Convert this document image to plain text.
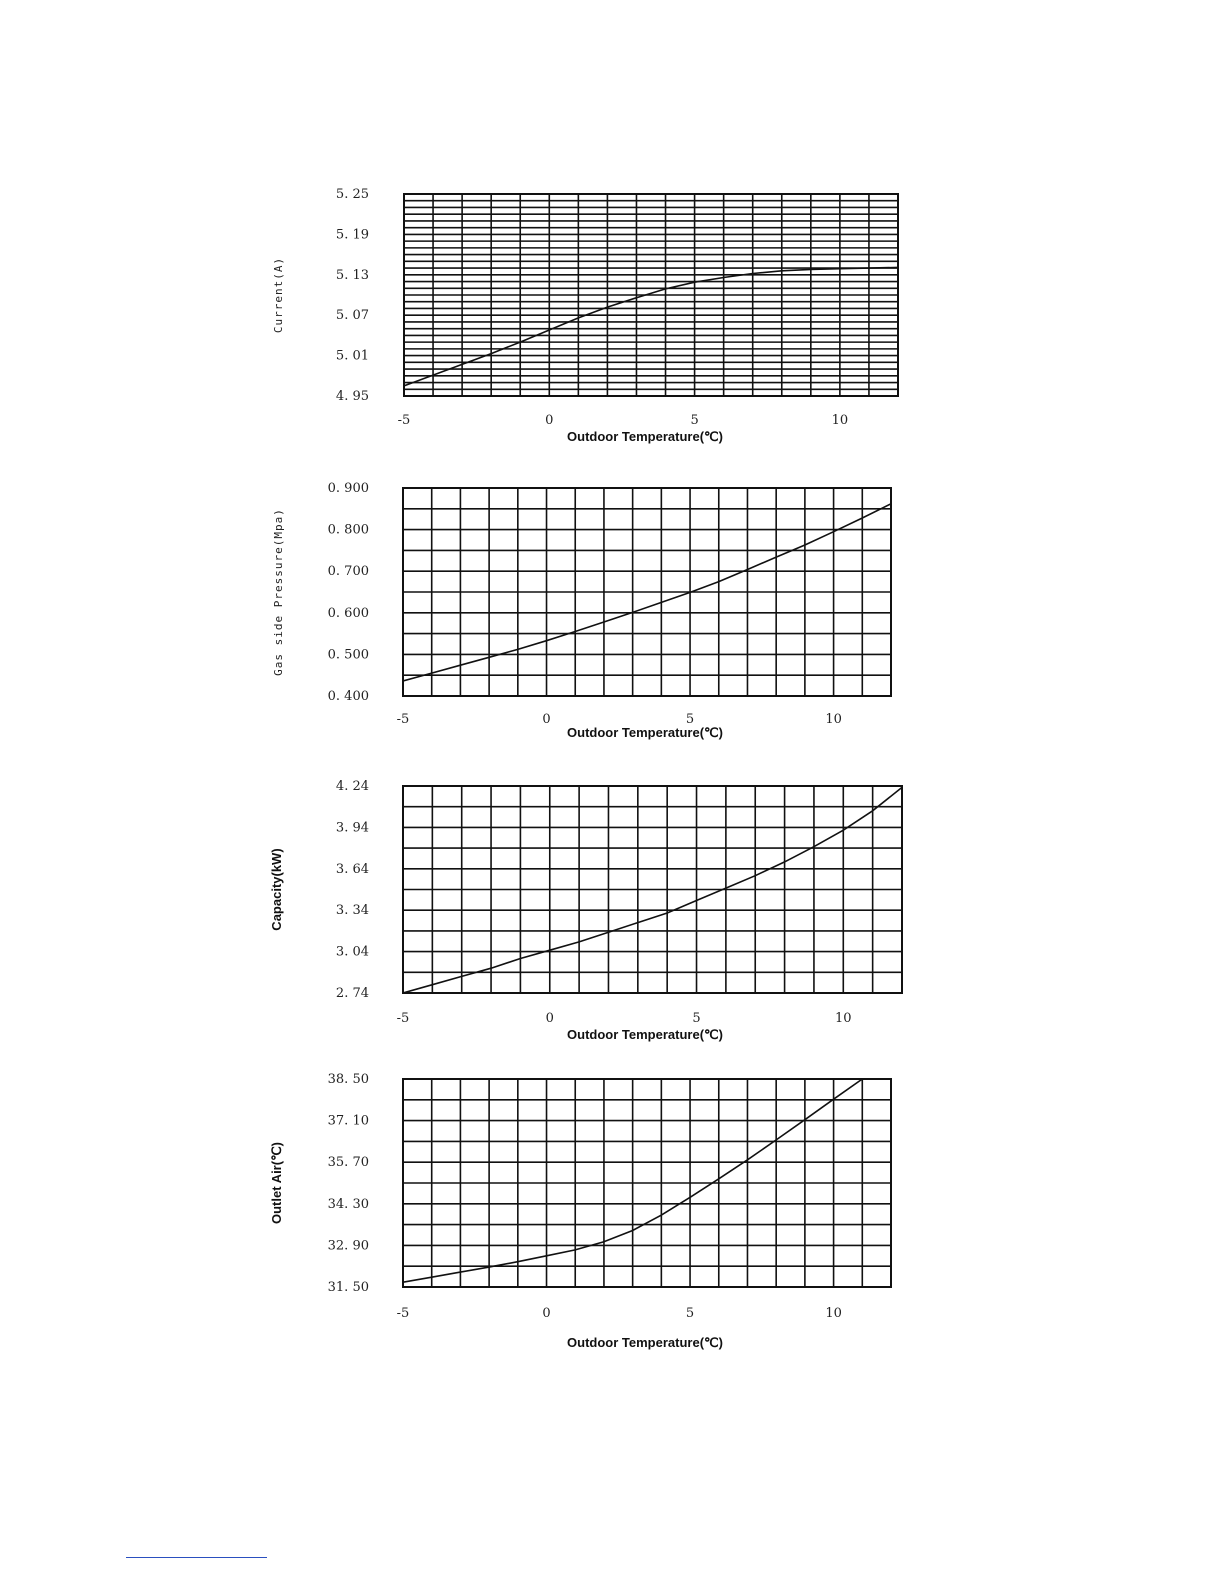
4. 95
5. 01
5. 07
5. 13
5. 19
5. 25
-5	0	5	10
Outdoor Temperature(℃)
Current(A)
0. 400
0. 500
0. 600
0. 700
0. 800
0. 900
-5	0	5	10
Outdoor Temperature(℃)
Gas side Pressure(Mpa)
2. 74
3. 04
3. 34
3. 64
3. 94
4. 24
-5	0	5	10
Outdoor Temperature(℃)
Capacity(kW)
31. 50
32. 90
34. 30
35. 70
37. 10
38. 50
-5	0	5	10
Outdoor Temperature(℃)
Outlet Air(℃)
